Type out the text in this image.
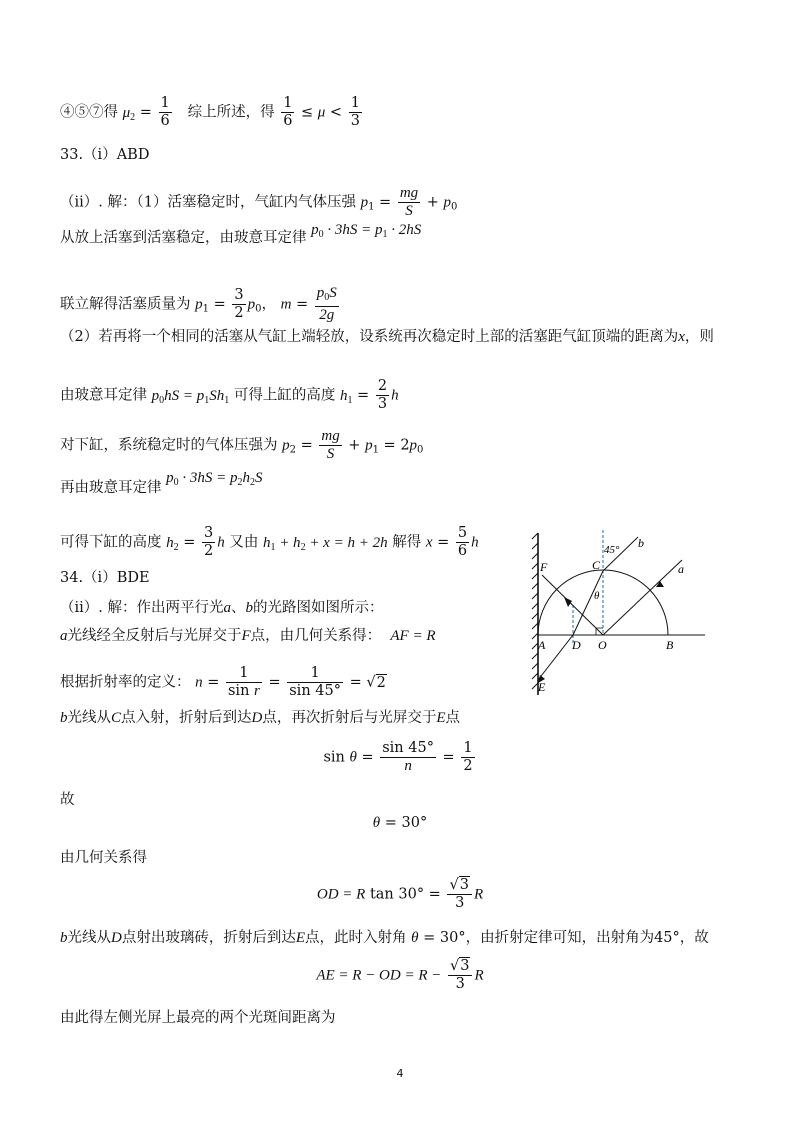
④⑤⑦得 $\mu_2 = \frac{1}{6}$ 综上所述，得 $\frac{1}{6} \le \mu < \frac{1}{3}$
33.（i）ABD
（ii）. 解：（1）活塞稳定时，气缸内气体压强 $p_1 = \frac{mg}{S} + p_0$
从放上活塞到活塞稳定，由玻意耳定律 $p_0 \cdot 3hS = p_1 \cdot 2hS$
联立解得活塞质量为 $p_1 = \frac{3}{2} p_0$， $m = \frac{p_0S}{2g}$
（2）若再将一个相同的活塞从气缸上端轻放，设系统再次稳定时上部的活塞距气缸顶端的距离为x，则
由玻意耳定律 $p_0hS = p_1Sh_1$ 可得上缸的高度 $h_1 = \frac{2}{3}$ h
对下缸，系统稳定时的气体压强为 $p_2 = \frac{mg}{S} + p_1 = 2p_0$
再由玻意耳定律 $p_0 \cdot 3hS = p_2h_2S$
可得下缸的高度 $h_2 = \frac{3}{2}$ h 又由 $h_1 + h_2 + x = h + 2h$ 解得 $x = \frac{5}{6}$ h
34.（i）BDE
（ii）. 解：作出两平行光a、b的光路图如图所示：
a光线经全反射后与光屏交于F点，由几何关系得： AF = R
根据折射率的定义： $n = \frac{1}{\text{sin r}} = \frac{1}{\sin 45^\circ} = √2$
b光线从C点入射，折射后到达D点，再次折射后与光屏交于E点
$\sin \theta = \frac{\sin 45^\circ}{n} = \frac{1}{2}$
故
θ = 30°
由几何关系得
OD = R $\tan 30^\circ = \frac{√3}{3}$ R
b光线从D点射出玻璃砖，折射后到达E点，此时入射角 θ = 30°，由折射定律可知，出射角为45°，故
AE = R − OD = $R - \frac{√3}{3}$ R
由此得左侧光屏上最亮的两个光斑间距离为
F	C
45° b
a
θ
A D O	B
E
4
